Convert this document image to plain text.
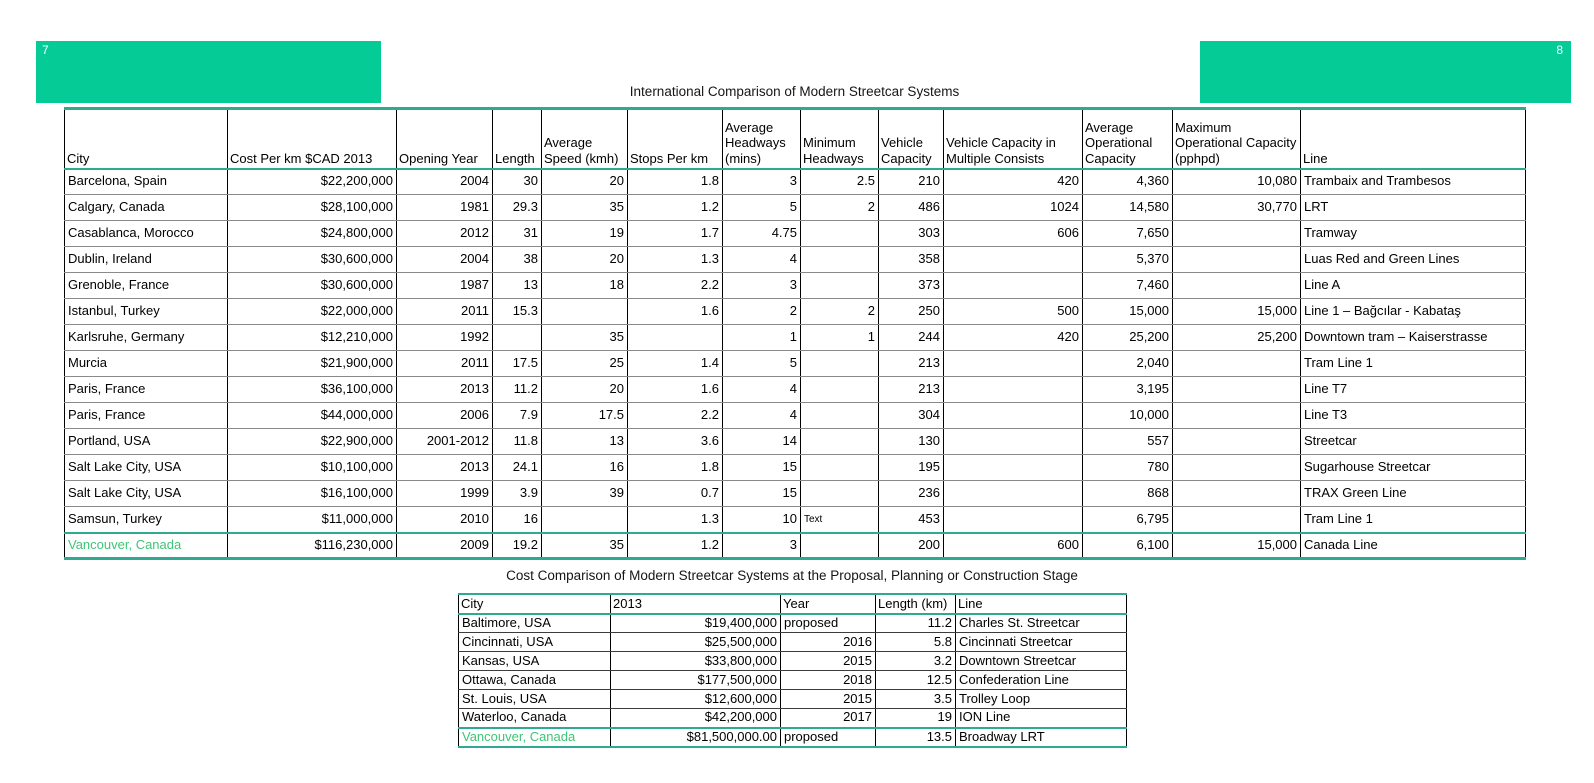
7	8
International Comparison of Modern Streetcar Systems
City	Cost Per km $CAD 2013	Opening Year	Length	Average Speed (kmh)	Stops Per km	Average Headways (mins)	Minimum Headways	Vehicle Capacity	Vehicle Capacity in Multiple Consists	Average Operational Capacity	Maximum Operational Capacity (pphpd)	Line
Barcelona, Spain	$22,200,000	2004	30	20	1.8	3	2.5	210	420	4,360	10,080	Trambaix and Trambesos
Calgary, Canada	$28,100,000	1981	29.3	35	1.2	5	2	486	1024	14,580	30,770	LRT
Casablanca, Morocco	$24,800,000	2012	31	19	1.7	4.75		303	606	7,650		Tramway
Dublin, Ireland	$30,600,000	2004	38	20	1.3	4		358		5,370		Luas Red and Green Lines
Grenoble, France	$30,600,000	1987	13	18	2.2	3		373		7,460		Line A
Istanbul, Turkey	$22,000,000	2011	15.3		1.6	2	2	250	500	15,000	15,000	Line 1 – Bağcılar - Kabataş
Karlsruhe, Germany	$12,210,000	1992		35		1	1	244	420	25,200	25,200	Downtown tram – Kaiserstrasse
Murcia	$21,900,000	2011	17.5	25	1.4	5		213		2,040		Tram Line 1
Paris, France	$36,100,000	2013	11.2	20	1.6	4		213		3,195		Line T7
Paris, France	$44,000,000	2006	7.9	17.5	2.2	4		304		10,000		Line T3
Portland, USA	$22,900,000	2001-2012	11.8	13	3.6	14		130		557		Streetcar
Salt Lake City, USA	$10,100,000	2013	24.1	16	1.8	15		195		780		Sugarhouse Streetcar
Salt Lake City, USA	$16,100,000	1999	3.9	39	0.7	15		236		868		TRAX Green Line
Samsun, Turkey	$11,000,000	2010	16		1.3	10	Text	453		6,795		Tram Line 1
Vancouver, Canada	$116,230,000	2009	19.2	35	1.2	3		200	600	6,100	15,000	Canada Line
Cost Comparison of Modern Streetcar Systems at the Proposal, Planning or Construction Stage
City	2013	Year	Length (km)	Line
Baltimore, USA	$19,400,000	proposed	11.2	Charles St. Streetcar
Cincinnati, USA	$25,500,000	2016	5.8	Cincinnati Streetcar
Kansas, USA	$33,800,000	2015	3.2	Downtown Streetcar
Ottawa, Canada	$177,500,000	2018	12.5	Confederation Line
St. Louis, USA	$12,600,000	2015	3.5	Trolley Loop
Waterloo, Canada	$42,200,000	2017	19	ION Line
Vancouver, Canada	$81,500,000.00	proposed	13.5	Broadway LRT
